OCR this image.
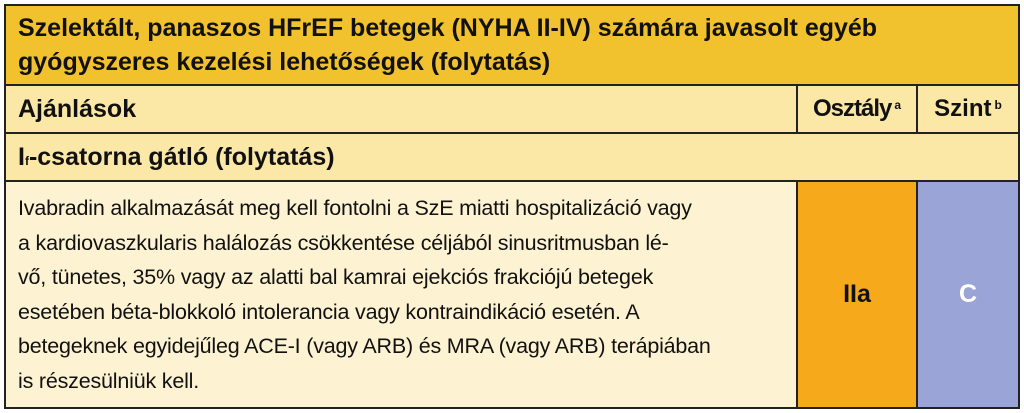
Szelektált, panaszos HFrEF betegek (NYHA II-IV) számára javasolt egyéb
gyógyszeres kezelési lehetőségek (folytatás)
Ajánlások	Osztály $^a$	Szint $^b$
$I_f$-csatorna gátló (folytatás)
Ivabradin alkalmazását meg kell fontolni a SzE miatti hospitalizáció vagy
a kardiovaszkularis halálozás csökkentése céljából sinusritmusban lé-
vő, tünetes, 35% vagy az alatti bal kamrai ejekciós frakciójú betegek
esetében béta-blokkoló intolerancia vagy kontraindikáció esetén. A
betegeknek egyidejűleg ACE-I (vagy ARB) és MRA (vagy ARB) terápiában
is részesülniük kell.
IIa	C
